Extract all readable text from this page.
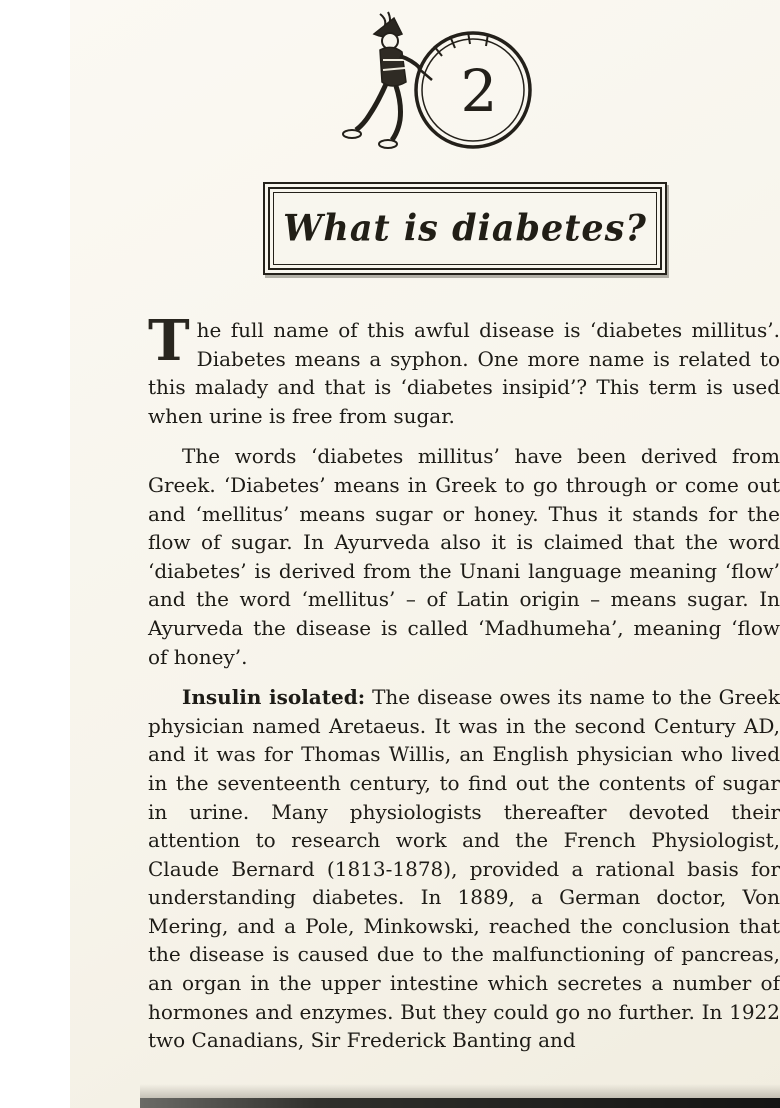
2
What is diabetes?

The full name of this awful disease is ‘diabetes millitus’. Diabetes means a syphon. One more name is related to this malady and that is ‘diabetes insipid’? This term is used when urine is free from sugar.

The words ‘diabetes millitus’ have been derived from Greek. ‘Diabetes’ means in Greek to go through or come out and ‘mellitus’ means sugar or honey. Thus it stands for the flow of sugar. In Ayurveda also it is claimed that the word ‘diabetes’ is derived from the Unani language meaning ‘flow’ and the word ‘mellitus’ – of Latin origin – means sugar. In Ayurveda the disease is called ‘Madhumeha’, meaning ‘flow of honey’.

Insulin isolated: The disease owes its name to the Greek physician named Aretaeus. It was in the second Century AD, and it was for Thomas Willis, an English physician who lived in the seventeenth century, to find out the contents of sugar in urine. Many physiologists thereafter devoted their attention to research work and the French Physiologist, Claude Bernard (1813-1878), provided a rational basis for understanding diabetes. In 1889, a German doctor, Von Mering, and a Pole, Minkowski, reached the conclusion that the disease is caused due to the malfunctioning of pancreas, an organ in the upper intestine which secretes a number of hormones and enzymes. But they could go no further. In 1922 two Canadians, Sir Frederick Banting and
